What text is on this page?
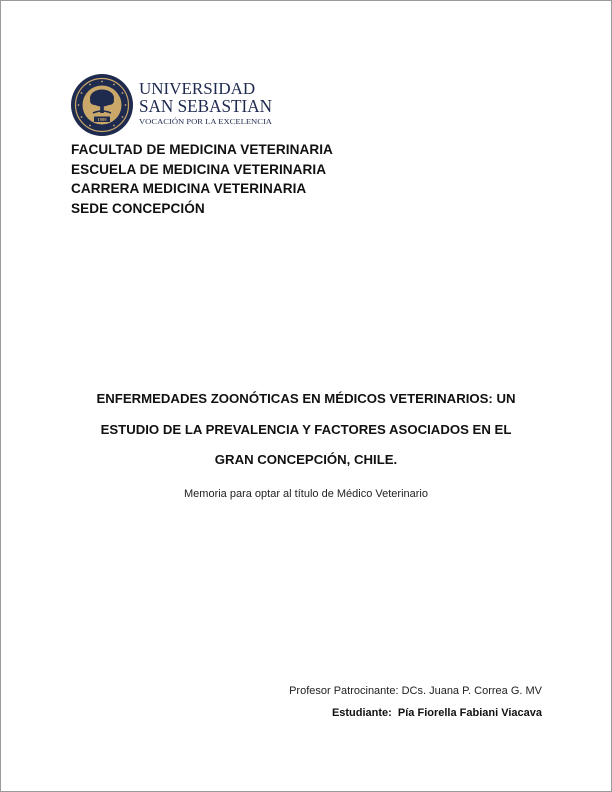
1989
UNIVERSIDAD
SAN SEBASTIAN
VOCACIÓN POR LA EXCELENCIA
FACULTAD DE MEDICINA VETERINARIA
ESCUELA DE MEDICINA VETERINARIA
CARRERA MEDICINA VETERINARIA
SEDE CONCEPCIÓN
ENFERMEDADES ZOONÓTICAS EN MÉDICOS VETERINARIOS: UN
ESTUDIO DE LA PREVALENCIA Y FACTORES ASOCIADOS EN EL
GRAN CONCEPCIÓN, CHILE.
Memoria para optar al título de Médico Veterinario
Profesor Patrocinante: DCs. Juana P. Correa G. MV
Estudiante: Pía Fiorella Fabiani Viacava
